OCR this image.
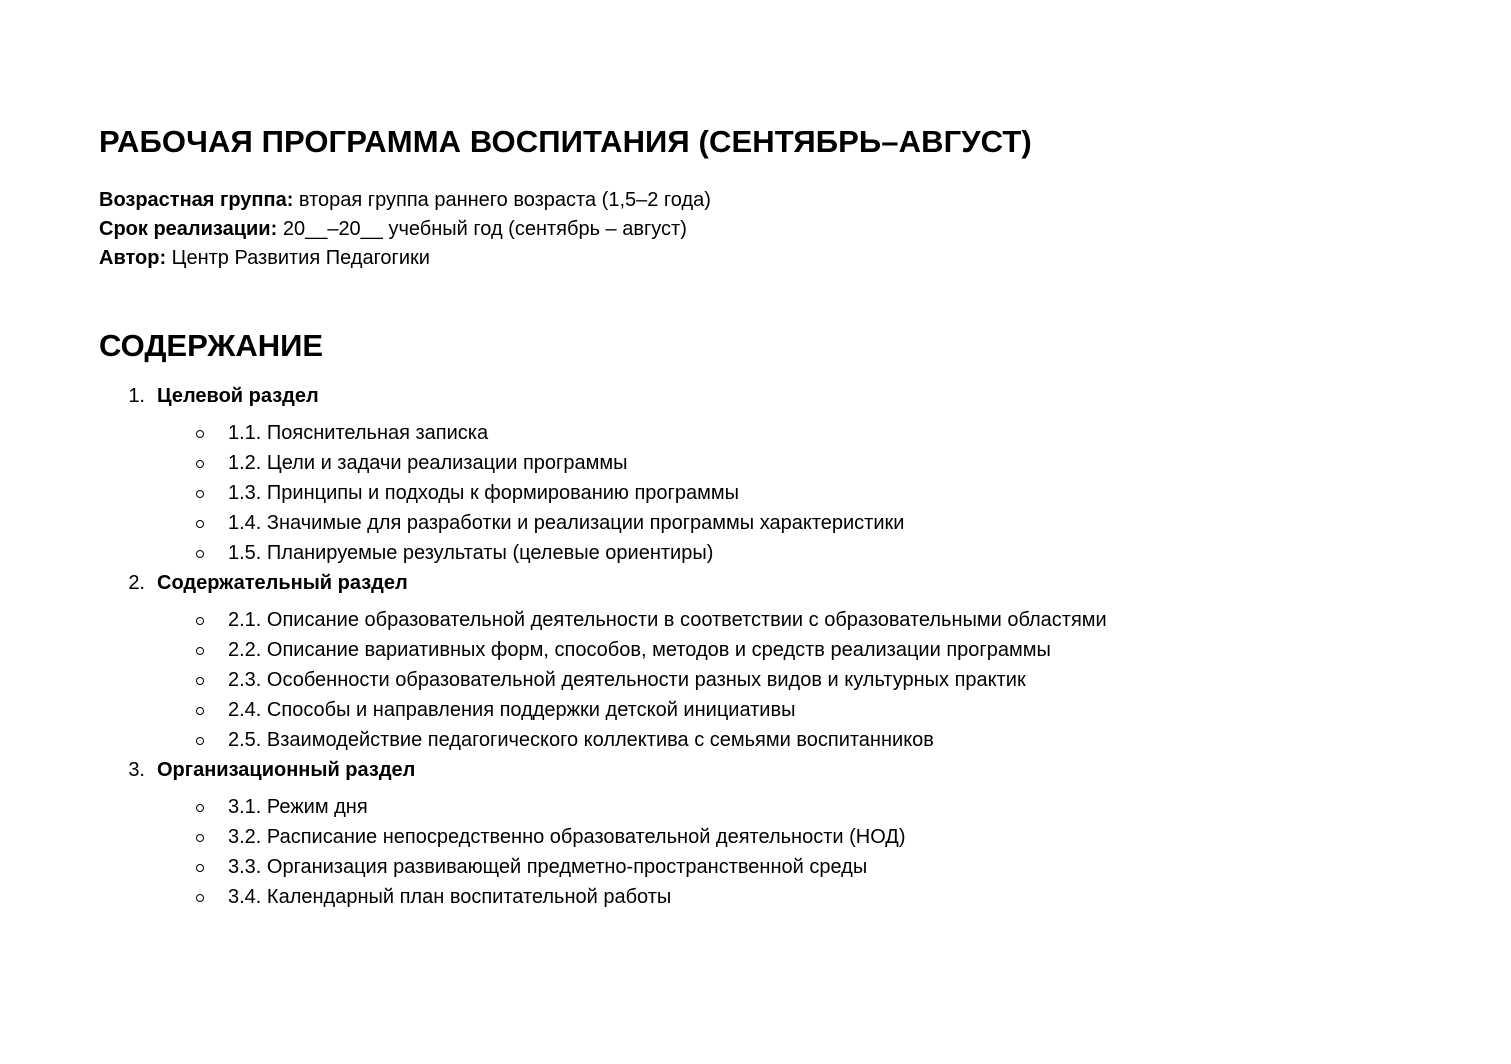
РАБОЧАЯ ПРОГРАММА ВОСПИТАНИЯ (СЕНТЯБРЬ–АВГУСТ)
Возрастная группа: вторая группа раннего возраста (1,5–2 года)
Срок реализации: 20__–20__ учебный год (сентябрь – август)
Автор: Центр Развития Педагогики
СОДЕРЖАНИЕ
1. Целевой раздел
1.1. Пояснительная записка
1.2. Цели и задачи реализации программы
1.3. Принципы и подходы к формированию программы
1.4. Значимые для разработки и реализации программы характеристики
1.5. Планируемые результаты (целевые ориентиры)
2. Содержательный раздел
2.1. Описание образовательной деятельности в соответствии с образовательными областями
2.2. Описание вариативных форм, способов, методов и средств реализации программы
2.3. Особенности образовательной деятельности разных видов и культурных практик
2.4. Способы и направления поддержки детской инициативы
2.5. Взаимодействие педагогического коллектива с семьями воспитанников
3. Организационный раздел
3.1. Режим дня
3.2. Расписание непосредственно образовательной деятельности (НОД)
3.3. Организация развивающей предметно-пространственной среды
3.4. Календарный план воспитательной работы
